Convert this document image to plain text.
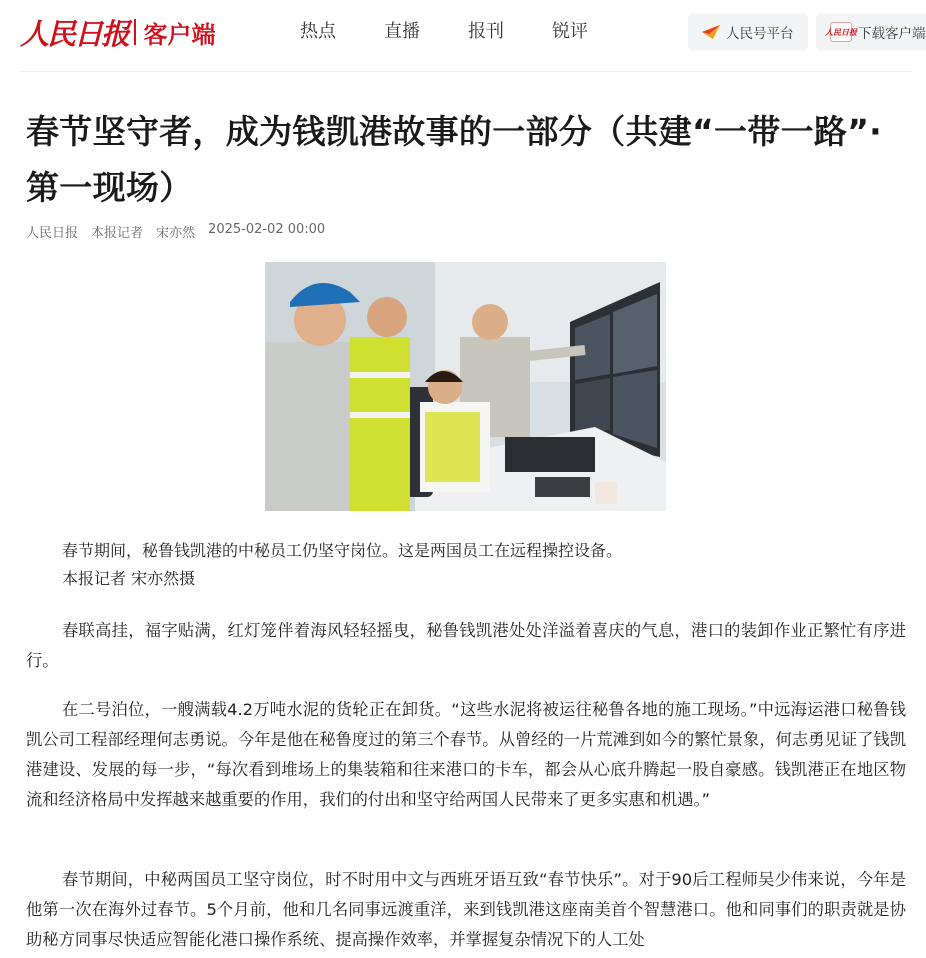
人民日报 客户端	热点	直播	报刊	锐评	人民号平台	人民日报 下载客户端
春节坚守者，成为钱凯港故事的一部分（共建“一带一路”·第一现场）
人民日报 本报记者 宋亦然 2025-02-02 00:00

春节期间，秘鲁钱凯港的中秘员工仍坚守岗位。这是两国员工在远程操控设备。
本报记者 宋亦然摄

春联高挂，福字贴满，红灯笼伴着海风轻轻摇曳，秘鲁钱凯港处处洋溢着喜庆的气息，港口的装卸作业正繁忙有序进行。

在二号泊位，一艘满载4.2万吨水泥的货轮正在卸货。“这些水泥将被运往秘鲁各地的施工现场。”中远海运港口秘鲁钱凯公司工程部经理何志勇说。今年是他在秘鲁度过的第三个春节。从曾经的一片荒滩到如今的繁忙景象，何志勇见证了钱凯港建设、发展的每一步，“每次看到堆场上的集装箱和往来港口的卡车，都会从心底升腾起一股自豪感。钱凯港正在地区物流和经济格局中发挥越来越重要的作用，我们的付出和坚守给两国人民带来了更多实惠和机遇。”

春节期间，中秘两国员工坚守岗位，时不时用中文与西班牙语互致“春节快乐”。对于90后工程师吴少伟来说，今年是他第一次在海外过春节。5个月前，他和几名同事远渡重洋，来到钱凯港这座南美首个智慧港口。他和同事们的职责就是协助秘方同事尽快适应智能化港口操作系统、提高操作效率，并掌握复杂情况下的人工处
